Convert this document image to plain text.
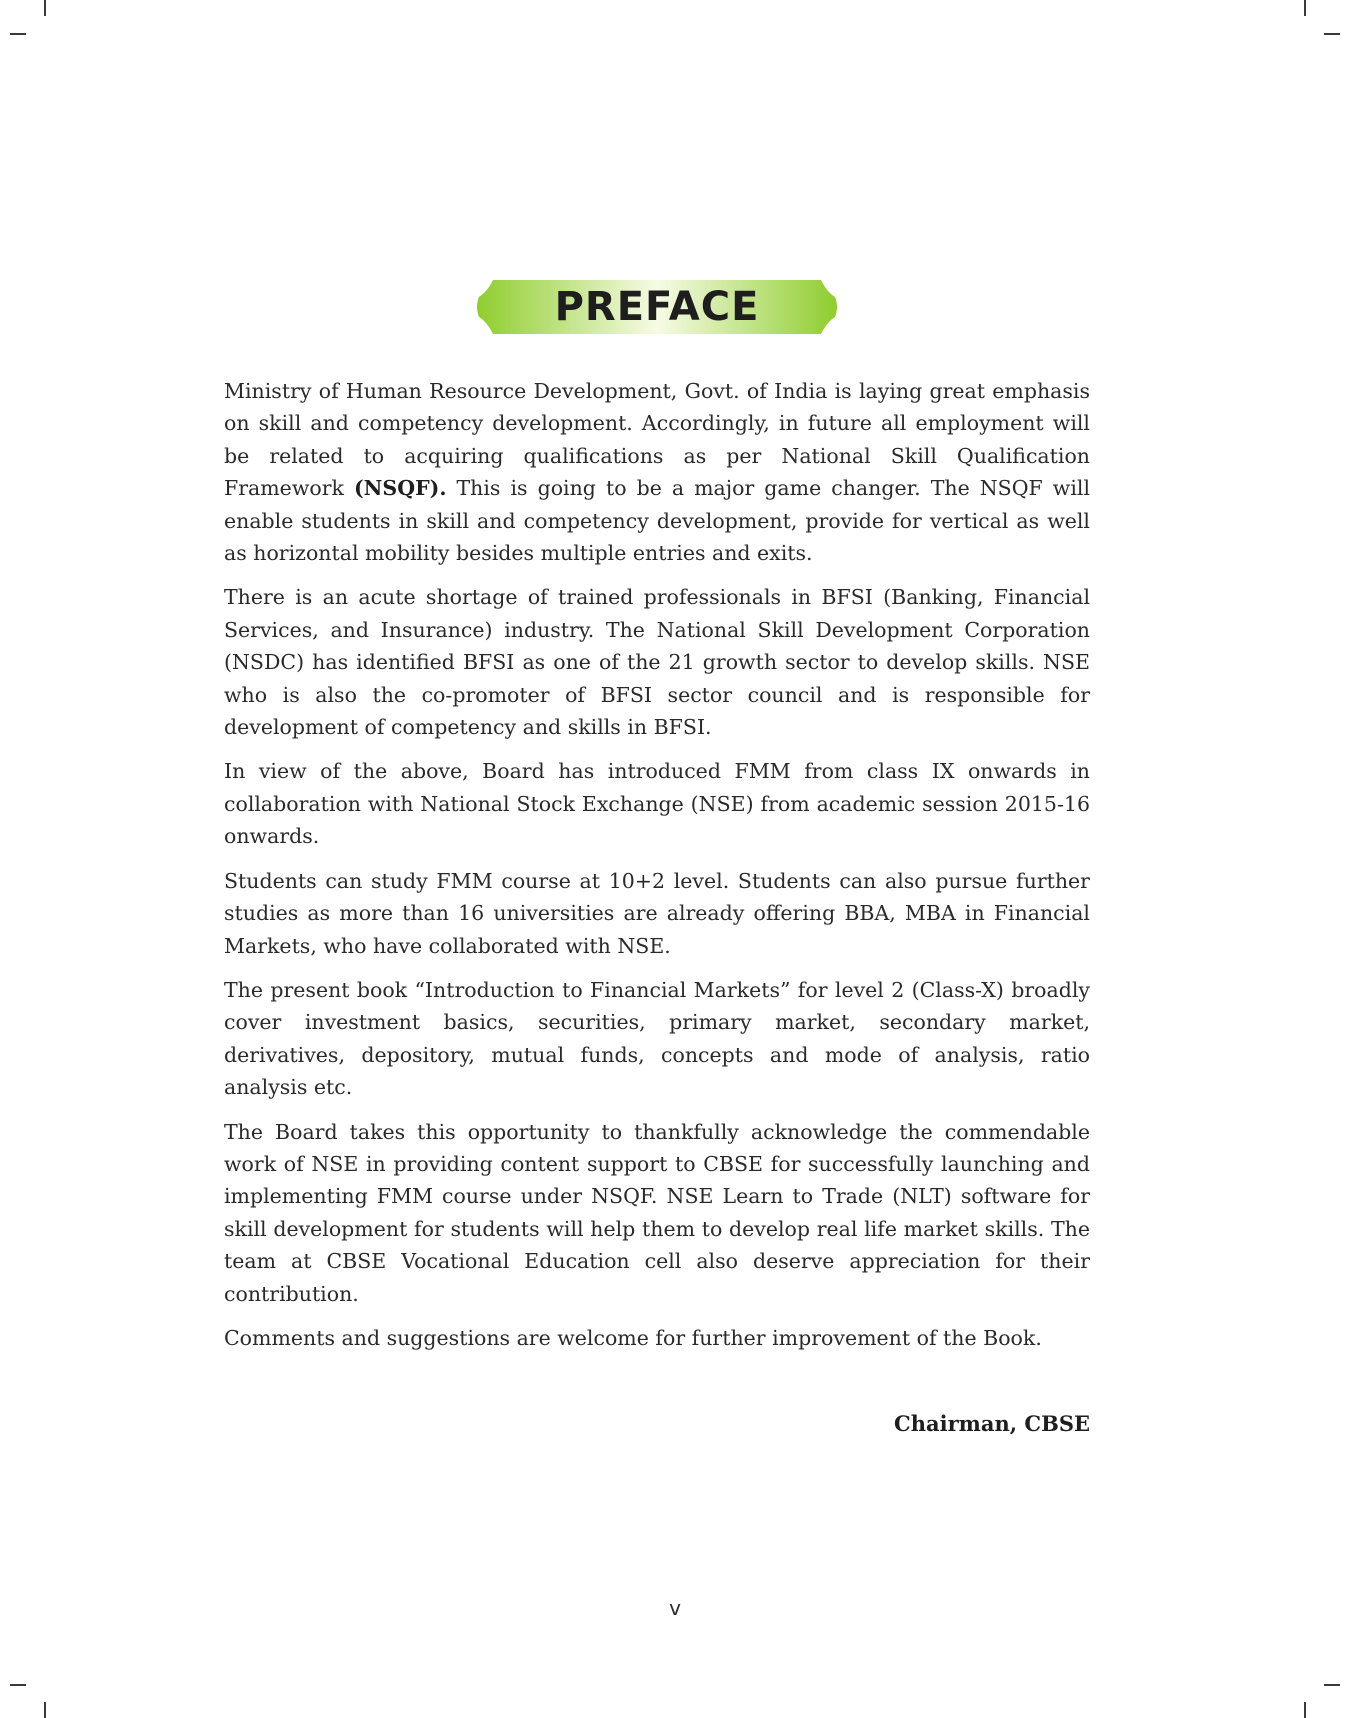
PREFACE

Ministry of Human Resource Development, Govt. of India is laying great emphasis on skill and competency development. Accordingly, in future all employment will be related to acquiring qualifications as per National Skill Qualification Framework (NSQF). This is going to be a major game changer. The NSQF will enable students in skill and competency development, provide for vertical as well as horizontal mobility besides multiple entries and exits.

There is an acute shortage of trained professionals in BFSI (Banking, Financial Services, and Insurance) industry. The National Skill Development Corporation (NSDC) has identified BFSI as one of the 21 growth sector to develop skills. NSE who is also the co-promoter of BFSI sector council and is responsible for development of competency and skills in BFSI.

In view of the above, Board has introduced FMM from class IX onwards in collaboration with National Stock Exchange (NSE) from academic session 2015-16 onwards.

Students can study FMM course at 10+2 level. Students can also pursue further studies as more than 16 universities are already offering BBA, MBA in Financial Markets, who have collaborated with NSE.

The present book “Introduction to Financial Markets” for level 2 (Class-X) broadly cover investment basics, securities, primary market, secondary market, derivatives, depository, mutual funds, concepts and mode of analysis, ratio analysis etc.

The Board takes this opportunity to thankfully acknowledge the commendable work of NSE in providing content support to CBSE for successfully launching and implementing FMM course under NSQF. NSE Learn to Trade (NLT) software for skill development for students will help them to develop real life market skills. The team at CBSE Vocational Education cell also deserve appreciation for their contribution.

Comments and suggestions are welcome for further improvement of the Book.

Chairman, CBSE
v
